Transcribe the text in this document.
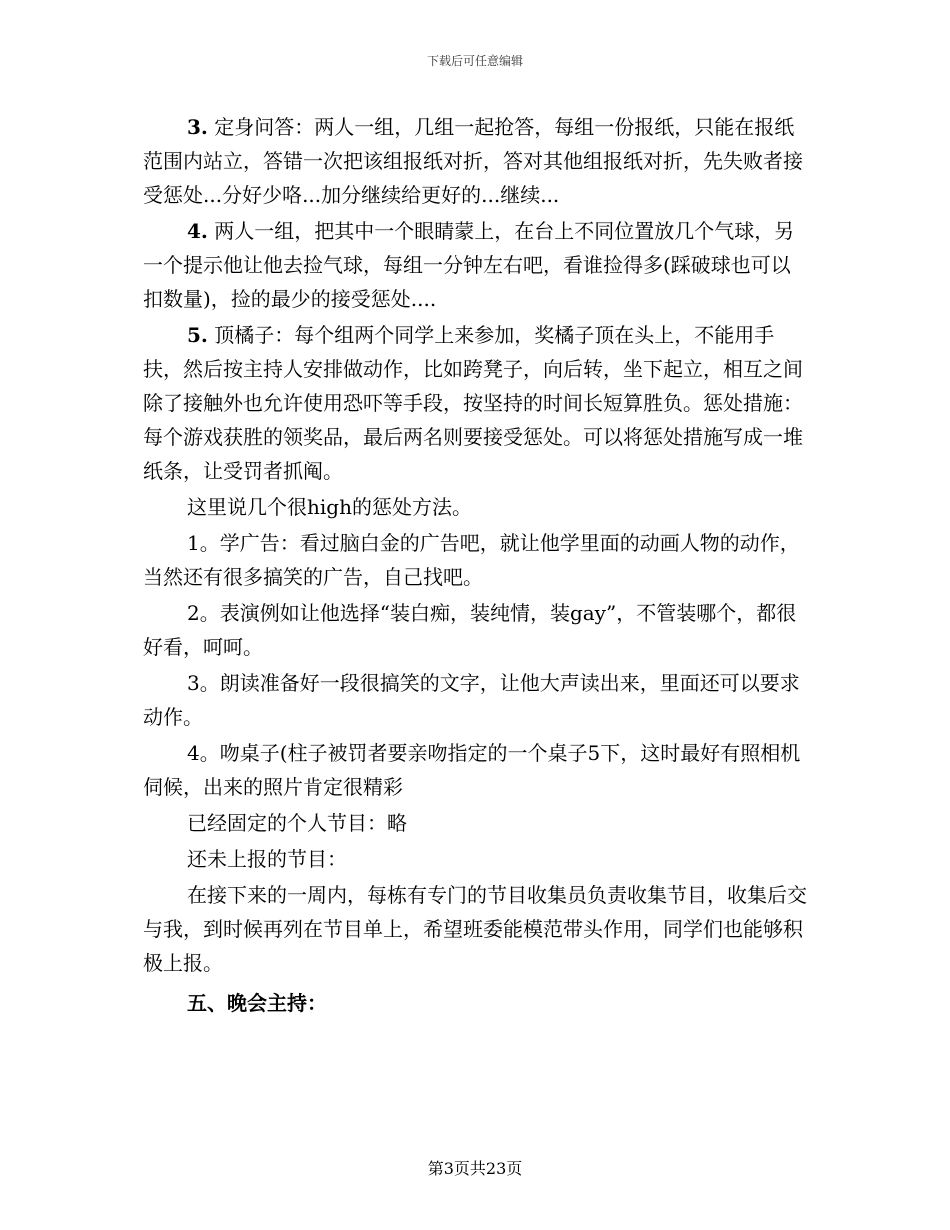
下载后可任意编辑

3. 定身问答：两人一组，几组一起抢答，每组一份报纸，只能在报纸范围内站立，答错一次把该组报纸对折，答对其他组报纸对折，先失败者接受惩处...分好少咯...加分继续给更好的...继续...

4. 两人一组，把其中一个眼睛蒙上，在台上不同位置放几个气球，另一个提示他让他去捡气球，每组一分钟左右吧，看谁捡得多(踩破球也可以扣数量)，捡的最少的接受惩处....

5. 顶橘子：每个组两个同学上来参加，奖橘子顶在头上，不能用手扶，然后按主持人安排做动作，比如跨凳子，向后转，坐下起立，相互之间除了接触外也允许使用恐吓等手段，按坚持的时间长短算胜负。惩处措施：每个游戏获胜的领奖品，最后两名则要接受惩处。可以将惩处措施写成一堆纸条，让受罚者抓阄。

这里说几个很high的惩处方法。

1。学广告：看过脑白金的广告吧，就让他学里面的动画人物的动作，当然还有很多搞笑的广告，自己找吧。

2。表演例如让他选择“装白痴，装纯情，装gay”，不管装哪个，都很好看，呵呵。

3。朗读准备好一段很搞笑的文字，让他大声读出来，里面还可以要求动作。

4。吻桌子(柱子被罚者要亲吻指定的一个桌子5下，这时最好有照相机伺候，出来的照片肯定很精彩

已经固定的个人节目：略

还未上报的节目：

在接下来的一周内，每栋有专门的节目收集员负责收集节目，收集后交与我，到时候再列在节目单上，希望班委能模范带头作用，同学们也能够积极上报。

五、晚会主持：

第3页共23页
